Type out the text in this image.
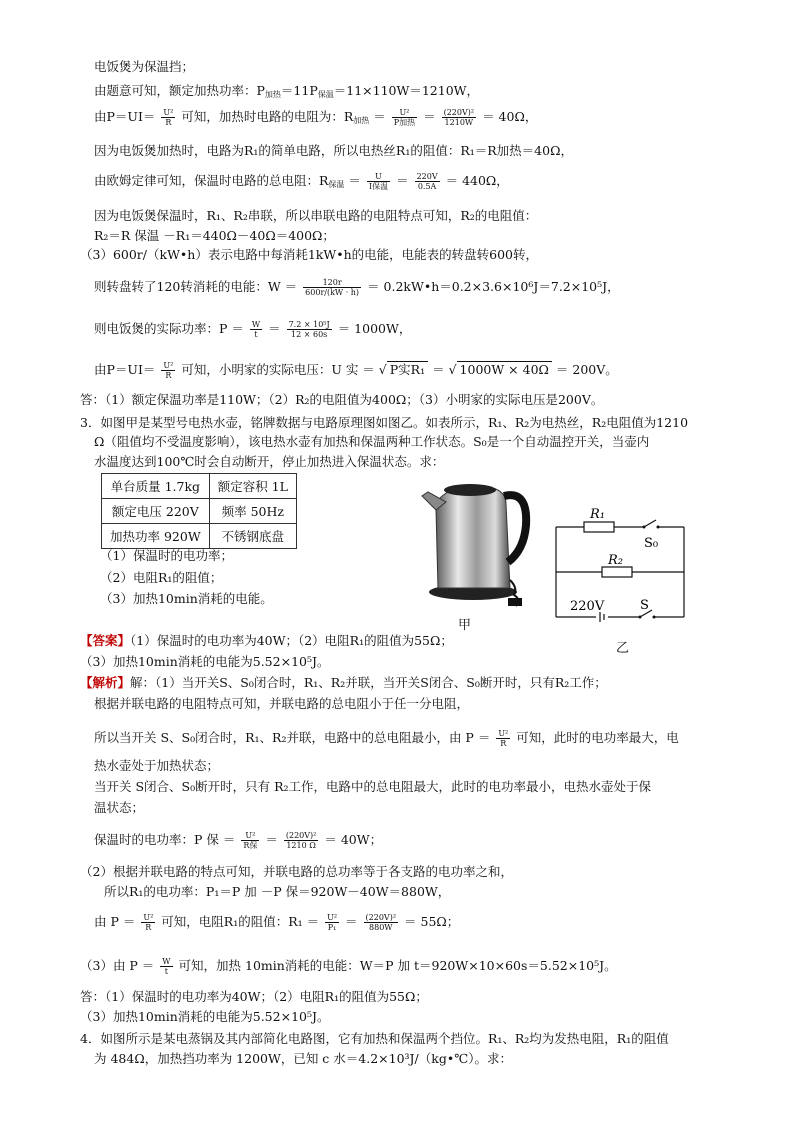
电饭煲为保温挡；
由题意可知，额定加热功率：$P_{加热}=11P_{保温}=11\times 110W=1210W$，
由$P=UI= \frac{\text{U²}}{R}$ 可知，加热时电路的电阻为：$R_{加热} = \frac{\text{U²}}{\text{P加热}} = \frac{\text{(220V)²}}{1210W} = 40\Omega$，
因为电饭煲加热时，电路为R₁的简单电路，所以电热丝R₁的阻值：R₁＝R加热＝40Ω，
由欧姆定律可知，保温时电路的总电阻：$R_{保温} = \frac{U}{\text{I保温}} = \frac{220V}{0.5A} = 440\Omega$，
因为电饭煲保温时，R₁、R₂串联，所以串联电路的电阻特点可知，R₂的电阻值：
R₂＝R 保温 －R₁＝440Ω－40Ω＝400Ω；
（3）600r/（kW•h）表示电路中每消耗1kW•h的电能，电能表的转盘转600转，
则转盘转了120转消耗的电能：$W = \frac{120r}{600r/(kW \cdot h)}$ ＝ 0.2kW•h＝0.2×3.6×10⁶J＝7.2×10⁵J，
则电饭煲的实际功率：$P = \frac{W}{t} = \frac{\text{7.2 × 10⁵J}}{12 \times 60s} = 1000W$，
由$P=UI= \frac{\text{U²}}{R}$ 可知，小明家的实际电压：U 实 ＝ √ P实R₁ ＝ √ 1000W × 40Ω ＝ 200V。
答：（1）额定保温功率是110W；（2）R₂的电阻值为400Ω；（3）小明家的实际电压是200V。
3．如图甲是某型号电热水壶，铭牌数据与电路原理图如图乙。如表所示，R₁、R₂为电热丝，R₂电阻值为1210
Ω（阻值均不受温度影响），该电热水壶有加热和保温两种工作状态。S₀是一个自动温控开关，当壶内
水温度达到100℃时会自动断开，停止加热进入保温状态。求：
单台质量 1.7kg	额定容积 1L
额定电压 220V	频率 50Hz
加热功率 920W	不锈钢底盘
（1）保温时的电功率；
（2）电阻R₁的阻值；
（3）加热10min消耗的电能。
R₁
R₂
S₀
S
220V
甲
乙
【答案】（1）保温时的电功率为40W；（2）电阻R₁的阻值为55Ω；
（3）加热10min消耗的电能为5.52×10⁵J。
【解析】解：（1）当开关S、S₀闭合时，R₁、R₂并联，当开关S闭合、S₀断开时，只有R₂工作；
根据并联电路的电阻特点可知，并联电路的总电阻小于任一分电阻，
所以当开关 S、S₀闭合时，R₁、R₂并联，电路中的总电阻最小，由 $P = \frac{\text{U²}}{R}$ 可知，此时的电功率最大，电
热水壶处于加热状态；
当开关 S闭合、S₀断开时，只有 R₂工作，电路中的总电阻最大，此时的电功率最小，电热水壶处于保
温状态；
保温时的电功率：P 保 ＝ $\frac{\text{U²}}{\text{R保}} = \frac{\text{(220V)²}}{1210 \Omega} = 40W$；
（2）根据并联电路的特点可知，并联电路的总功率等于各支路的电功率之和，
所以R₁的电功率：P₁＝P 加 －P 保＝920W－40W＝880W，
由 $P = \frac{\text{U²}}{R}$ 可知，电阻R₁的阻值：$R_1 = \frac{\text{U²}}{\text{P₁}} = \frac{\text{(220V)²}}{880W} = 55\Omega$；
（3）由 $P = \frac{W}{t}$ 可知，加热 10min消耗的电能：W＝P 加 t＝920W×10×60s＝5.52×10⁵J。
答：（1）保温时的电功率为40W；（2）电阻R₁的阻值为55Ω；
（3）加热10min消耗的电能为5.52×10⁵J。
4．如图所示是某电蒸锅及其内部简化电路图，它有加热和保温两个挡位。R₁、R₂均为发热电阻，R₁的阻值
为 484Ω，加热挡功率为 1200W，已知 c 水＝4.2×10³J/（kg•℃）。求：
